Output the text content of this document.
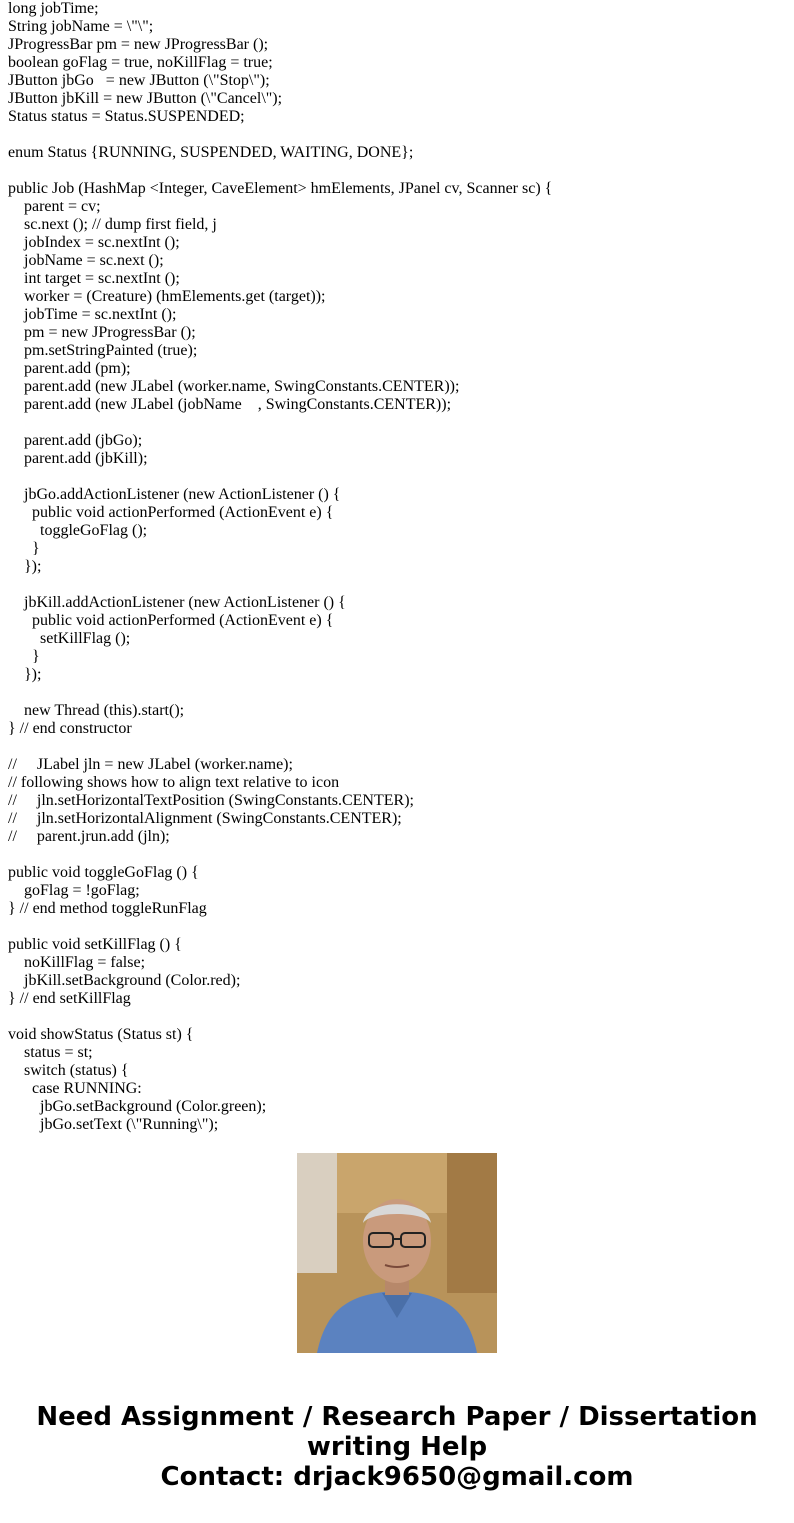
long jobTime;
String jobName = \"\";
JProgressBar pm = new JProgressBar ();
boolean goFlag = true, noKillFlag = true;
JButton jbGo   = new JButton (\"Stop\");
JButton jbKill = new JButton (\"Cancel\");
Status status = Status.SUSPENDED;
enum Status {RUNNING, SUSPENDED, WAITING, DONE};
public Job (HashMap <Integer, CaveElement> hmElements, JPanel cv, Scanner sc) {
parent = cv;
sc.next (); // dump first field, j
jobIndex = sc.nextInt ();
jobName = sc.next ();
int target = sc.nextInt ();
worker = (Creature) (hmElements.get (target));
jobTime = sc.nextInt ();
pm = new JProgressBar ();
pm.setStringPainted (true);
parent.add (pm);
parent.add (new JLabel (worker.name, SwingConstants.CENTER));
parent.add (new JLabel (jobName    , SwingConstants.CENTER));
parent.add (jbGo);
parent.add (jbKill);
jbGo.addActionListener (new ActionListener () {
public void actionPerformed (ActionEvent e) {
toggleGoFlag ();
}
});
jbKill.addActionListener (new ActionListener () {
public void actionPerformed (ActionEvent e) {
setKillFlag ();
}
});
new Thread (this).start();
} // end constructor
//     JLabel jln = new JLabel (worker.name);
// following shows how to align text relative to icon
//     jln.setHorizontalTextPosition (SwingConstants.CENTER);
//     jln.setHorizontalAlignment (SwingConstants.CENTER);
//     parent.jrun.add (jln);
public void toggleGoFlag () {
goFlag = !goFlag;
} // end method toggleRunFlag
public void setKillFlag () {
noKillFlag = false;
jbKill.setBackground (Color.red);
} // end setKillFlag
void showStatus (Status st) {
status = st;
switch (status) {
case RUNNING:
jbGo.setBackground (Color.green);
jbGo.setText (\"Running\");
Need Assignment / Research Paper / Dissertation
writing Help
Contact: drjack9650@gmail.com
